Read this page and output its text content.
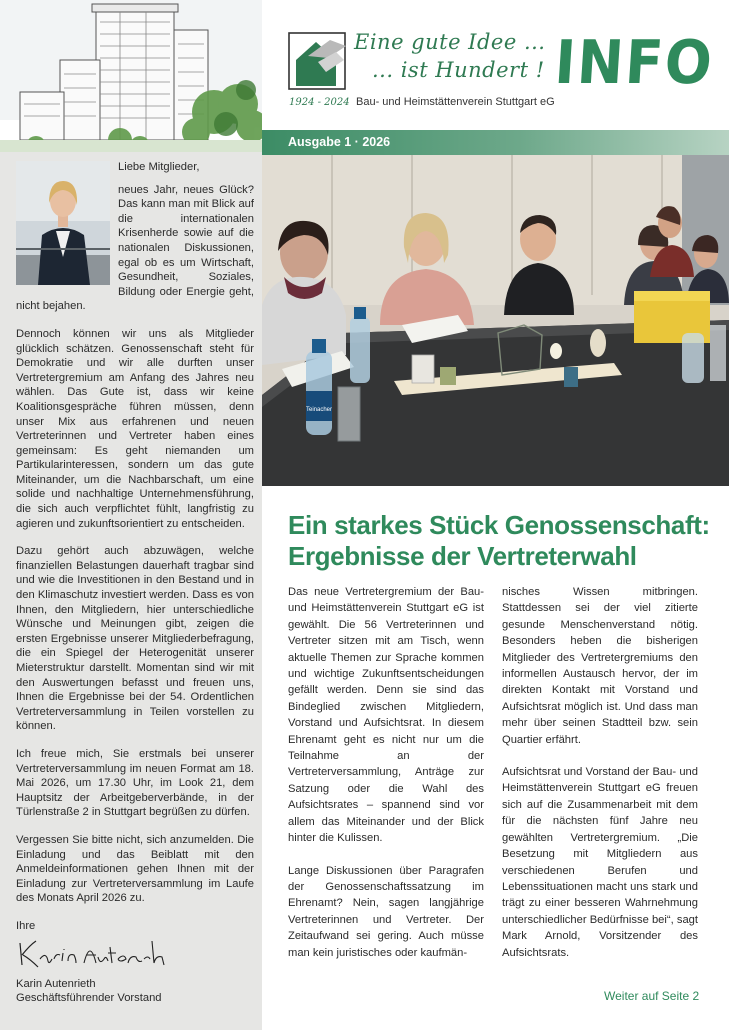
Liebe Mitglieder,

neues Jahr, neues Glück? Das kann man mit Blick auf die internationalen Krisenherde sowie auf die nationalen Diskussionen, egal ob es um Wirtschaft, Gesundheit, Soziales, Bildung oder Energie geht, nicht bejahen.

Dennoch können wir uns als Mitglieder glücklich schätzen. Genossenschaft steht für Demokratie und wir alle durften unser Vertretergremium am Anfang des Jahres neu wählen. Das Gute ist, dass wir keine Koalitionsgespräche führen müssen, denn unser Mix aus erfahrenen und neuen Vertreterinnen und Vertreter haben eines gemeinsam: Es geht niemanden um Partikularinteressen, sondern um das gute Miteinander, um die Nachbarschaft, um eine solide und nachhaltige Unternehmensführung, die sich auch verpflichtet fühlt, langfristig zu agieren und zukunftsorientiert zu entscheiden.

Dazu gehört auch abzuwägen, welche finanziellen Belastungen dauerhaft tragbar sind und wie die Investitionen in den Bestand und in den Klimaschutz investiert werden. Dass es von Ihnen, den Mitgliedern, hier unterschiedliche Wünsche und Meinungen gibt, zeigen die ersten Ergebnisse unserer Mitgliederbefragung, die ein Spiegel der Heterogenität unserer Mieterstruktur darstellt. Momentan sind wir mit den Auswertungen befasst und freuen uns, Ihnen die Ergebnisse bei der 54. Ordentlichen Vertreterversammlung in Teilen vorstellen zu können.

Ich freue mich, Sie erstmals bei unserer Vertreterversammlung im neuen Format am 18. Mai 2026, um 17.30 Uhr, im Look 21, dem Hauptsitz der Arbeitgeberverbände, in der Türlenstraße 2 in Stuttgart begrüßen zu dürfen.

Vergessen Sie bitte nicht, sich anzumelden. Die Einladung und das Beiblatt mit den Anmeldeinformationen gehen Ihnen mit der Einladung zur Vertreterversammlung im Laufe des Monats April 2026 zu.

Ihre

Karin Autenrieth
Geschäftsführender Vorstand
Eine gute Idee ...
... ist Hundert !
1924 - 2024 Bau- und Heimstättenverein Stuttgart eG
INFO
Ausgabe 1 · 2026
Teinacher
Ein starkes Stück Genossenschaft: Ergebnisse der Vertreterwahl

Das neue Vertretergremium der Bau- und Heimstättenverein Stuttgart eG ist gewählt. Die 56 Vertreterinnen und Vertreter sitzen mit am Tisch, wenn aktuelle Themen zur Sprache kommen und wichtige Zukunftsentscheidungen gefällt werden. Denn sie sind das Bindeglied zwischen Mitgliedern, Vorstand und Aufsichtsrat. In diesem Ehrenamt geht es nicht nur um die Teilnahme an der Vertreterversammlung, Anträge zur Satzung oder die Wahl des Aufsichtsrates – spannend sind vor allem das Miteinander und der Blick hinter die Kulissen.

Lange Diskussionen über Paragrafen der Genossenschaftssatzung im Ehrenamt? Nein, sagen langjährige Vertreterinnen und Vertreter. Der Zeitaufwand sei gering. Auch müsse man kein juristisches oder kaufmän-

nisches Wissen mitbringen. Stattdessen sei der viel zitierte gesunde Menschenverstand nötig. Besonders heben die bisherigen Mitglieder des Vertretergremiums den informellen Austausch hervor, der im direkten Kontakt mit Vorstand und Aufsichtsrat möglich ist. Und dass man mehr über seinen Stadtteil bzw. sein Quartier erfährt.

Aufsichtsrat und Vorstand der Bau- und Heimstättenverein Stuttgart eG freuen sich auf die Zusammenarbeit mit dem für die nächsten fünf Jahre neu gewählten Vertretergremium. „Die Besetzung mit Mitgliedern aus verschiedenen Berufen und Lebenssituationen macht uns stark und trägt zu einer besseren Wahrnehmung unterschiedlicher Bedürfnisse bei“, sagt Mark Arnold, Vorsitzender des Aufsichtsrats.

Weiter auf Seite 2
